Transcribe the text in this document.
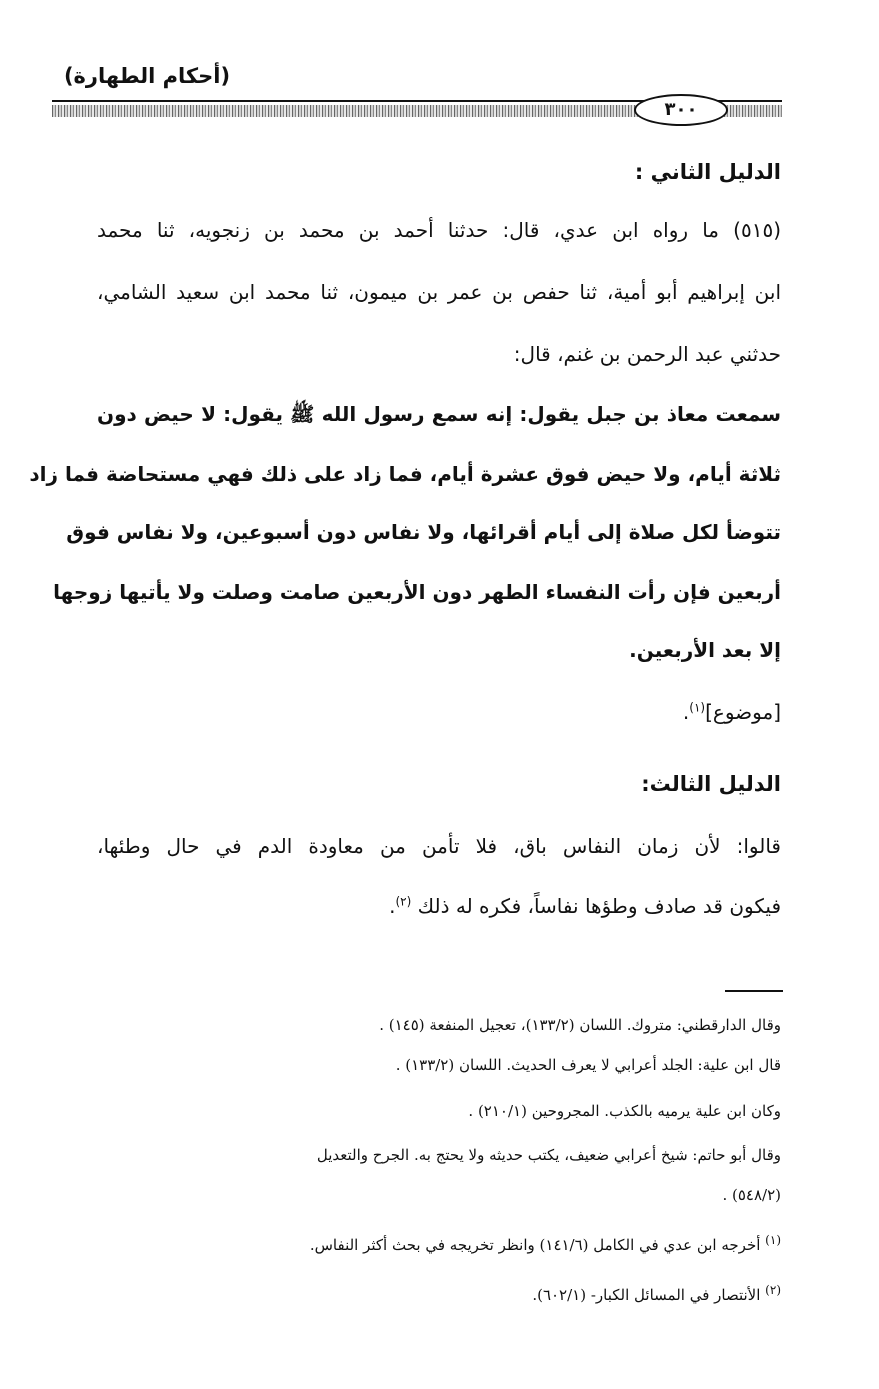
(أحكام الطهارة)
٣٠٠
الدليل الثاني :
(٥١٥) ما رواه ابن عدي، قال: حدثنا أحمد بن محمد بن زنجويه، ثنا محمد
ابن إبراهيم أبو أمية، ثنا حفص بن عمر بن ميمون، ثنا محمد ابن سعيد الشامي،
حدثني عبد الرحمن بن غنم، قال:
سمعت معاذ بن جبل يقول: إنه سمع رسول الله ﷺ يقول: لا حيض دون
ثلاثة أيام، ولا حيض فوق عشرة أيام، فما زاد على ذلك فهي مستحاضة فما زاد
تتوضأ لكل صلاة إلى أيام أقرائها، ولا نفاس دون أسبوعين، ولا نفاس فوق
أربعين فإن رأت النفساء الطهر دون الأربعين صامت وصلت ولا يأتيها زوجها
إلا بعد الأربعين.
[موضوع]$^{(١)}$.
الدليل الثالث:
قالوا: لأن زمان النفاس باق، فلا تأمن من معاودة الدم في حال وطئها،
فيكون قد صادف وطؤها نفاساً، فكره له ذلك $^{(٢)}$.
وقال الدارقطني: متروك. اللسان (١٣٣/٢)، تعجيل المنفعة (١٤٥) .
قال ابن علية: الجلد أعرابي لا يعرف الحديث. اللسان (١٣٣/٢) .
وكان ابن علية يرميه بالكذب. المجروحين (٢١٠/١) .
وقال أبو حاتم: شيخ أعرابي ضعيف، يكتب حديثه ولا يحتج به. الجرح والتعديل
(٥٤٨/٢) .
$^{(١)}$ أخرجه ابن عدي في الكامل (١٤١/٦) وانظر تخريجه في بحث أكثر النفاس.
$^{(٢)}$ الأنتصار في المسائل الكبار- (٦٠٢/١).
